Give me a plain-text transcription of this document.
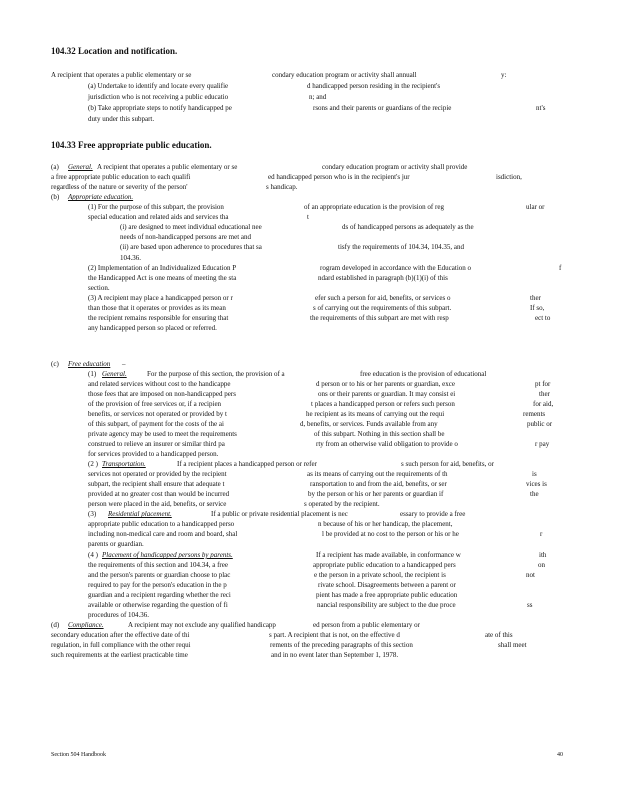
104.32 Location and notification.
A recipient that operates a public elementary or se	condary education program or activity shall annuall	y:
(a) Undertake to identify and locate every qualifie	d handicapped person residing in the recipient's
jurisdiction who is not receiving a public educatio	n; and
(b) Take appropriate steps to notify handicapped pe	rsons and their parents or guardians of the recipie	nt's
duty under this subpart.
104.33 Free appropriate public education.
(a) General. A recipient that operates a public elementary or se	condary education program or activity shall provide
a free appropriate public education to each qualifi	ed handicapped person who is in the recipient's jur	isdiction,
regardless of the nature or severity of the person'	s handicap.
(b) Appropriate education.
(1) For the purpose of this subpart, the provision	of an appropriate education is the provision of reg	ular or
special education and related aids and services tha	t
(i) are designed to meet individual educational nee	ds of handicapped persons as adequately as the
needs of non-handicapped persons are met and
(ii) are based upon adherence to procedures that sa	tisfy the requirements of 104.34, 104.35, and
104.36.
(2) Implementation of an Individualized Education P	rogram developed in accordance with the Education o	f
the Handicapped Act is one means of meeting the sta	ndard established in paragraph (b)(1)(i) of this
section.
(3) A recipient may place a handicapped person or r	efer such a person for aid, benefits, or services o	ther
than those that it operates or provides as its mean	s of carrying out the requirements of this subpart.	If so,
the recipient remains responsible for ensuring that	the requirements of this subpart are met with resp	ect to
any handicapped person so placed or referred.
(c) Free education –
(1) General.	For the purpose of this section, the provision of a	free education is the provision of educational
and related services without cost to the handicappe	d person or to his or her parents or guardian, exce	pt for
those fees that are imposed on non-handicapped pers	ons or their parents or guardian. It may consist ei	ther
of the provision of free services or, if a recipien	t places a handicapped person or refers such person	for aid,
benefits, or services not operated or provided by t	he recipient as its means of carrying out the requi	rements
of this subpart, of payment for the costs of the ai	d, benefits, or services. Funds available from any	public or
private agency may be used to meet the requirements	of this subpart. Nothing in this section shall be
construed to relieve an insurer or similar third pa	rty from an otherwise valid obligation to provide o	r pay
for services provided to a handicapped person.
(2 ) Transportation.	If a recipient places a handicapped person or refer	s such person for aid, benefits, or
services not operated or provided by the recipient	as its means of carrying out the requirements of th	is
subpart, the recipient shall ensure that adequate t	ransportation to and from the aid, benefits, or ser	vices is
provided at no greater cost than would be incurred	by the person or his or her parents or guardian if	the
person were placed in the aid, benefits, or service	s operated by the recipient.
(3) Residential placement.	If a public or private residential placement is nec	essary to provide a free
appropriate public education to a handicapped perso	n because of his or her handicap, the placement,
including non-medical care and room and board, shal	l be provided at no cost to the person or his or he	r
parents or guardian.
(4 ) Placement of handicapped persons by parents.	If a recipient has made available, in conformance w	ith
the requirements of this section and 104.34, a free	appropriate public education to a handicapped pers	on
and the person's parents or guardian choose to plac	e the person in a private school, the recipient is	not
required to pay for the person's education in the p	rivate school. Disagreements between a parent or
guardian and a recipient regarding whether the reci	pient has made a free appropriate public education
available or otherwise regarding the question of fi	nancial responsibility are subject to the due proce	ss
procedures of 104.36.
(d) Compliance.	A recipient may not exclude any qualified handicapp	ed person from a public elementary or
secondary education after the effective date of thi	s part. A recipient that is not, on the effective d	ate of this
regulation, in full compliance with the other requi	rements of the preceding paragraphs of this section	shall meet
such requirements at the earliest practicable time	and in no event later than September 1, 1978.
Section 504 Handbook	40
